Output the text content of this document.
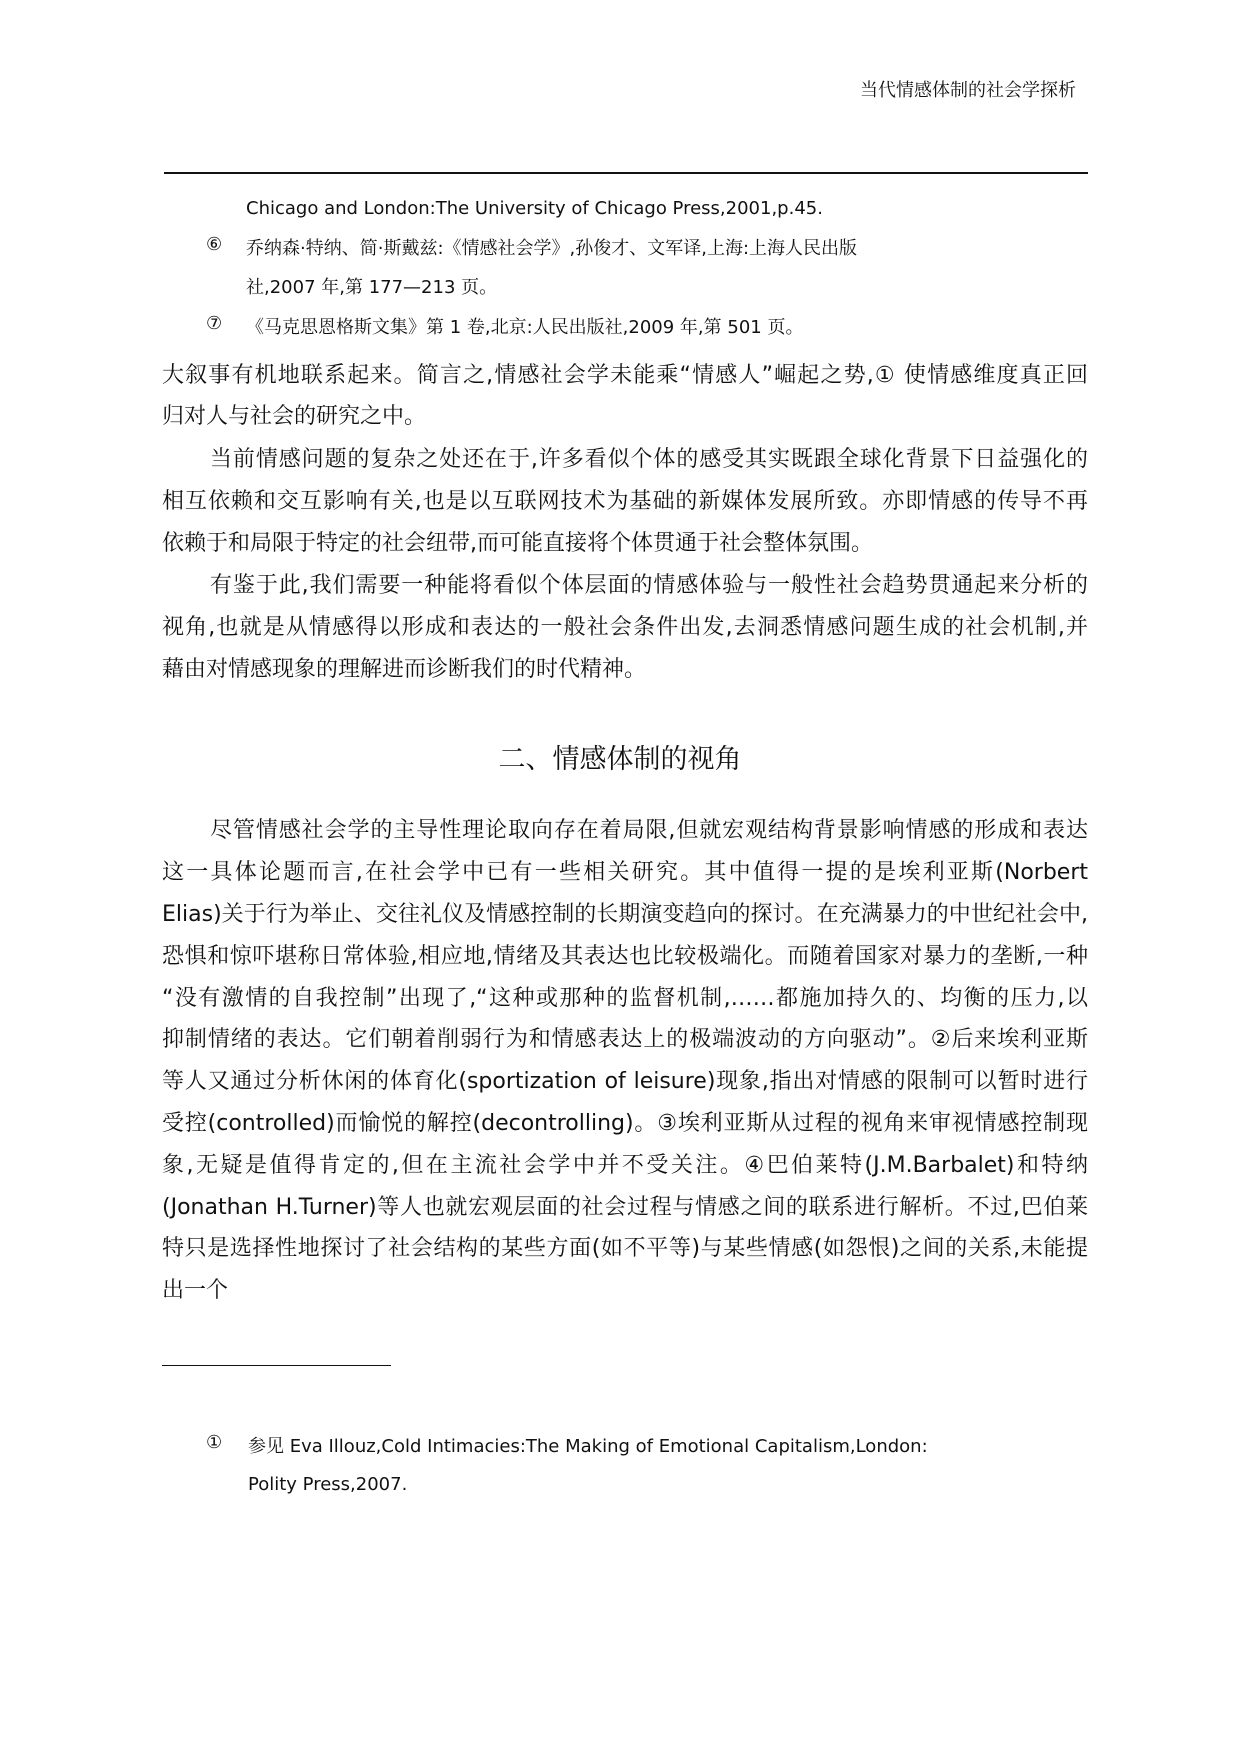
当代情感体制的社会学探析
Chicago and London:The University of Chicago Press,2001,p.45.
⑥ 乔纳森·特纳、简·斯戴兹:《情感社会学》,孙俊才、文军译,上海:上海人民出版
社,2007 年,第 177—213 页。
⑦ 《马克思恩格斯文集》第 1 卷,北京:人民出版社,2009 年,第 501 页。
大叙事有机地联系起来。简言之,情感社会学未能乘“情感人”崛起之势,① 使情感维度真正回
归对人与社会的研究之中。
当前情感问题的复杂之处还在于,许多看似个体的感受其实既跟全球化背景下日益强化的
相互依赖和交互影响有关,也是以互联网技术为基础的新媒体发展所致。亦即情感的传导不再
依赖于和局限于特定的社会纽带,而可能直接将个体贯通于社会整体氛围。
有鉴于此,我们需要一种能将看似个体层面的情感体验与一般性社会趋势贯通起来分析的
视角,也就是从情感得以形成和表达的一般社会条件出发,去洞悉情感问题生成的社会机制,并
藉由对情感现象的理解进而诊断我们的时代精神。
二、情感体制的视角
尽管情感社会学的主导性理论取向存在着局限,但就宏观结构背景影响情感的形成和表达
这一具体论题而言,在社会学中已有一些相关研究。其中值得一提的是埃利亚斯(Norbert
Elias)关于行为举止、交往礼仪及情感控制的长期演变趋向的探讨。在充满暴力的中世纪社会中,
恐惧和惊吓堪称日常体验,相应地,情绪及其表达也比较极端化。而随着国家对暴力的垄断,一种
“没有激情的自我控制”出现了,“这种或那种的监督机制,……都施加持久的、均衡的压力,以
抑制情绪的表达。它们朝着削弱行为和情感表达上的极端波动的方向驱动”。②后来埃利亚斯
等人又通过分析休闲的体育化(sportization of leisure)现象,指出对情感的限制可以暂时进行
受控(controlled)而愉悦的解控(decontrolling)。③埃利亚斯从过程的视角来审视情感控制现
象,无疑是值得肯定的,但在主流社会学中并不受关注。④巴伯莱特(J.M.Barbalet)和特纳
(Jonathan H.Turner)等人也就宏观层面的社会过程与情感之间的联系进行解析。不过,巴伯莱
特只是选择性地探讨了社会结构的某些方面(如不平等)与某些情感(如怨恨)之间的关系,未能提
出一个
① 参见 Eva Illouz,Cold Intimacies:The Making of Emotional Capitalism,London:
Polity Press,2007.
